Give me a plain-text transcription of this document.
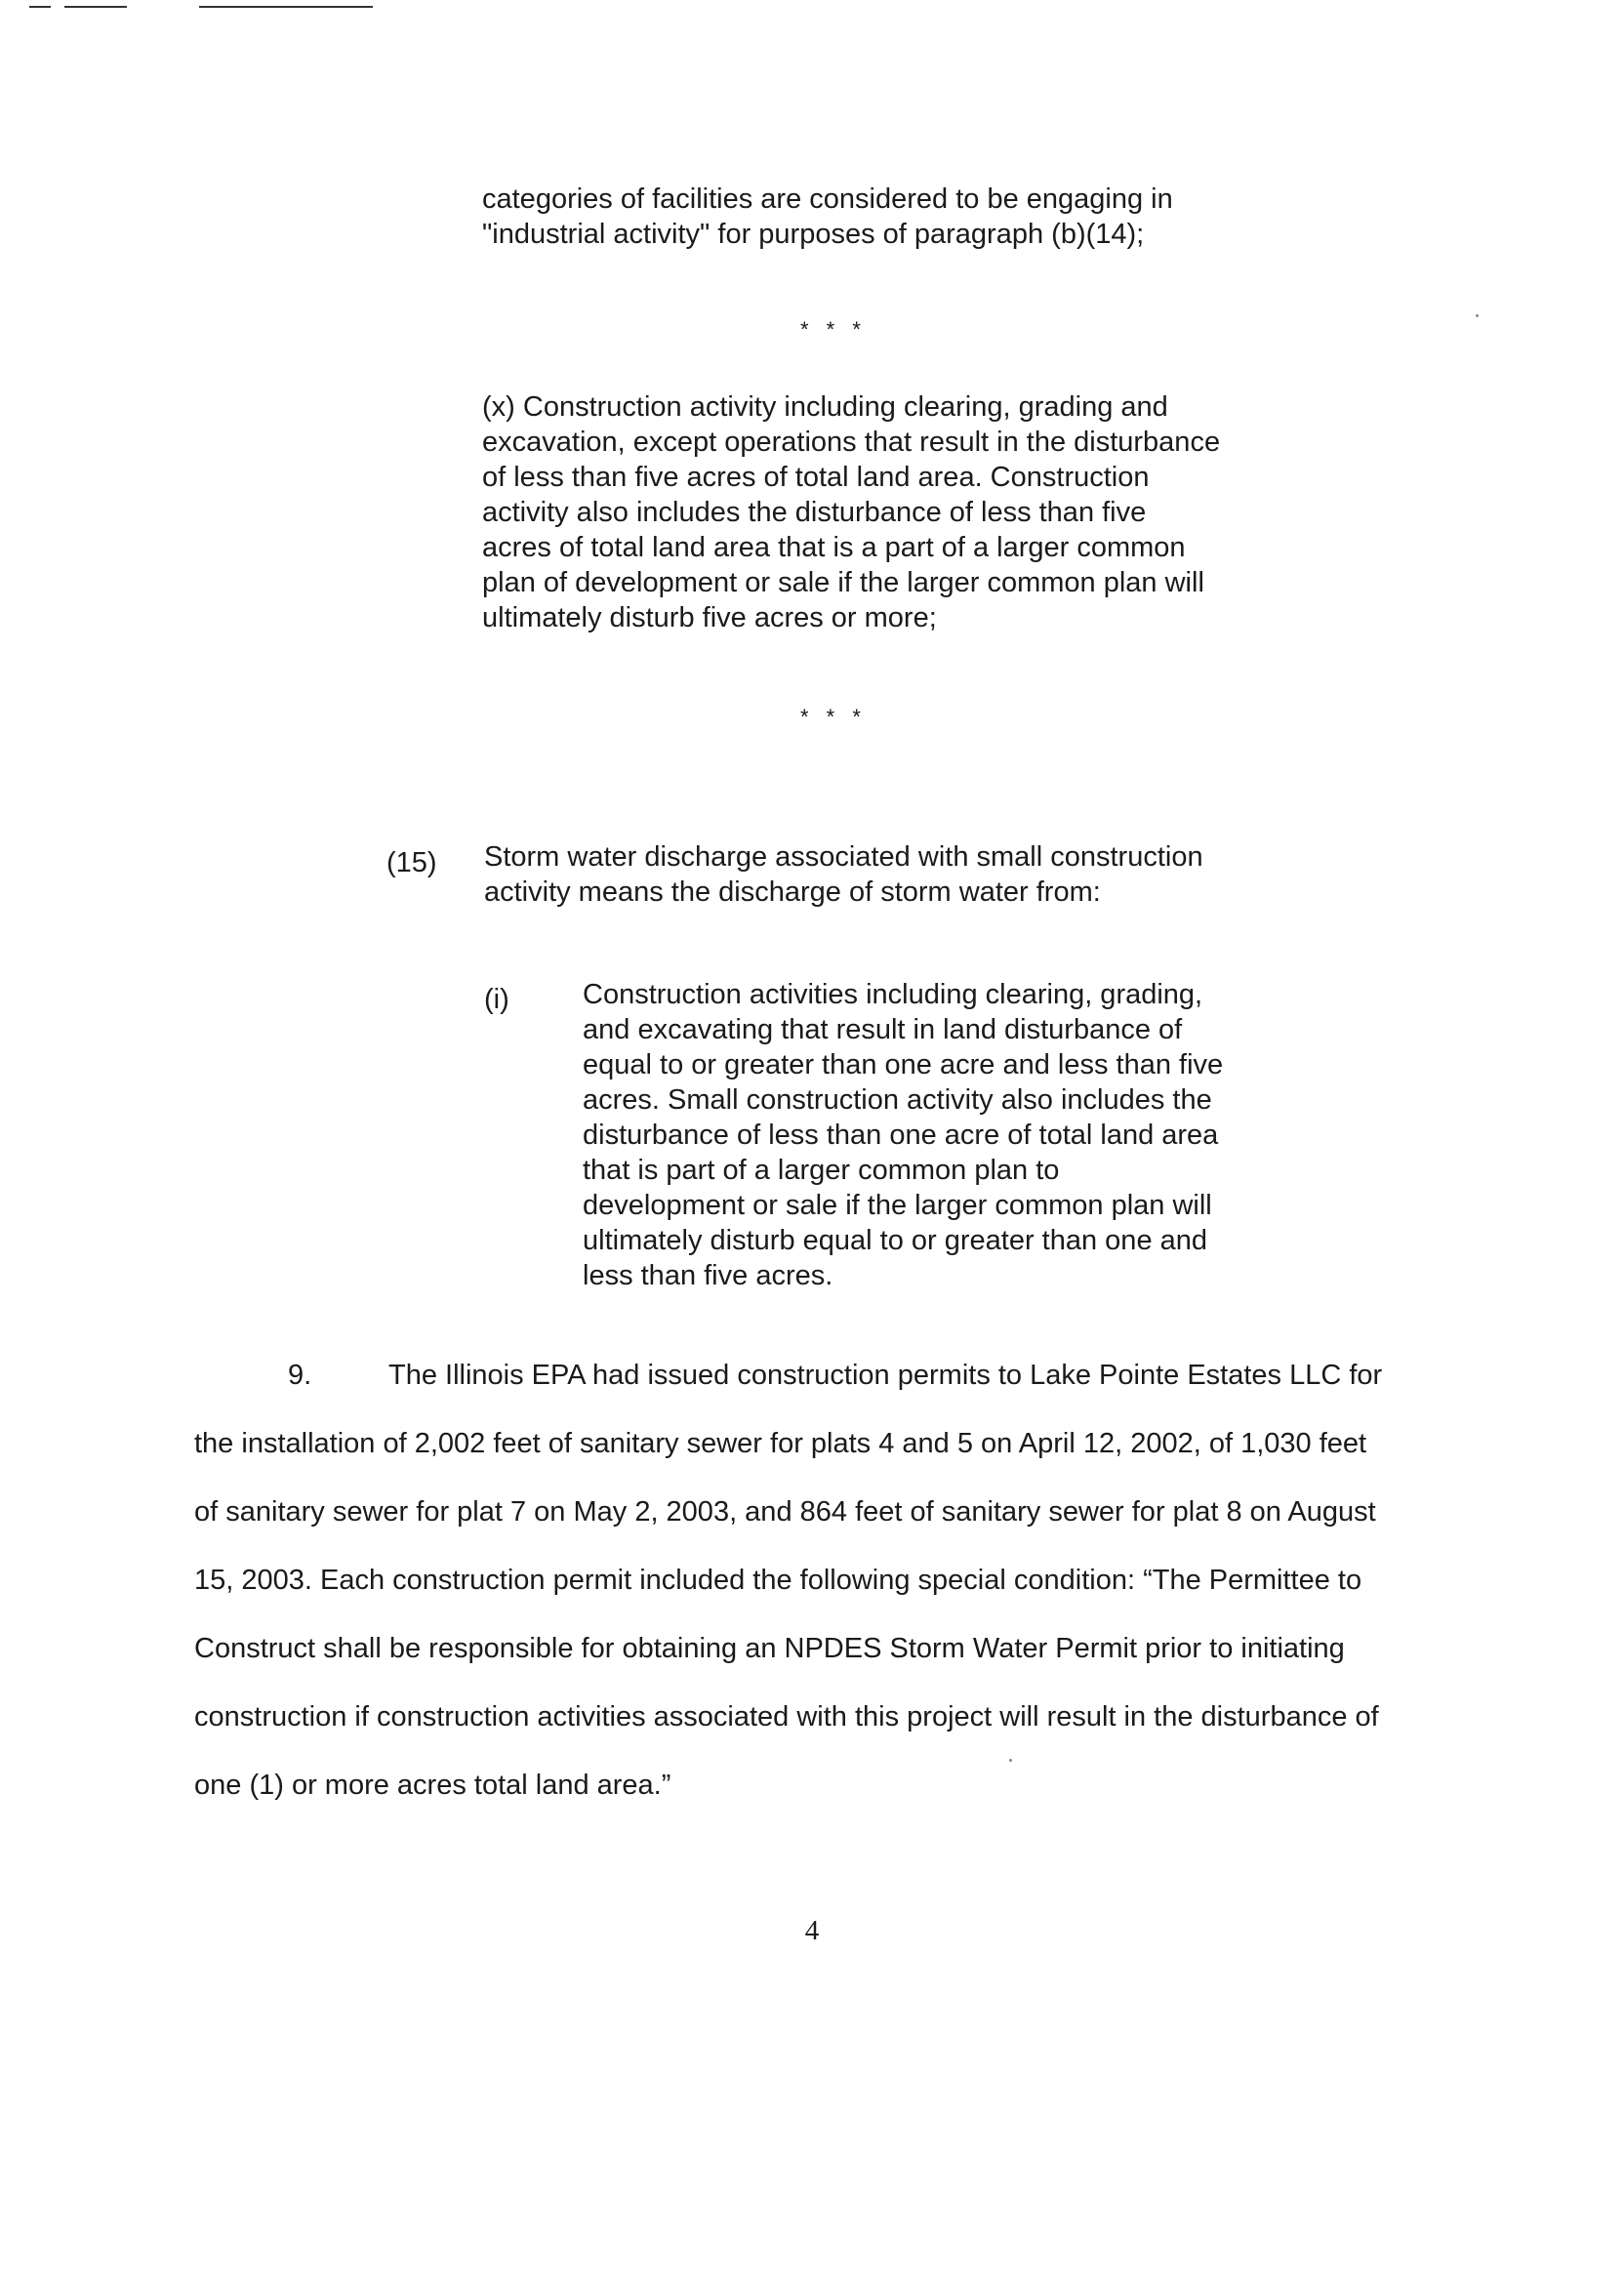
categories of facilities are considered to be engaging in
"industrial activity" for purposes of paragraph (b)(14);
* * *
(x) Construction activity including clearing, grading and
excavation, except operations that result in the disturbance
of less than five acres of total land area. Construction
activity also includes the disturbance of less than five
acres of total land area that is a part of a larger common
plan of development or sale if the larger common plan will
ultimately disturb five acres or more;
* * *
(15) Storm water discharge associated with small construction
activity means the discharge of storm water from:
(i)	Construction activities including clearing, grading,
and excavating that result in land disturbance of
equal to or greater than one acre and less than five
acres. Small construction activity also includes the
disturbance of less than one acre of total land area
that is part of a larger common plan to
development or sale if the larger common plan will
ultimately disturb equal to or greater than one and
less than five acres.
9.	The Illinois EPA had issued construction permits to Lake Pointe Estates LLC for
the installation of 2,002 feet of sanitary sewer for plats 4 and 5 on April 12, 2002, of 1,030 feet
of sanitary sewer for plat 7 on May 2, 2003, and 864 feet of sanitary sewer for plat 8 on August
15, 2003. Each construction permit included the following special condition: “The Permittee to
Construct shall be responsible for obtaining an NPDES Storm Water Permit prior to initiating
construction if construction activities associated with this project will result in the disturbance of
one (1) or more acres total land area.”
4
